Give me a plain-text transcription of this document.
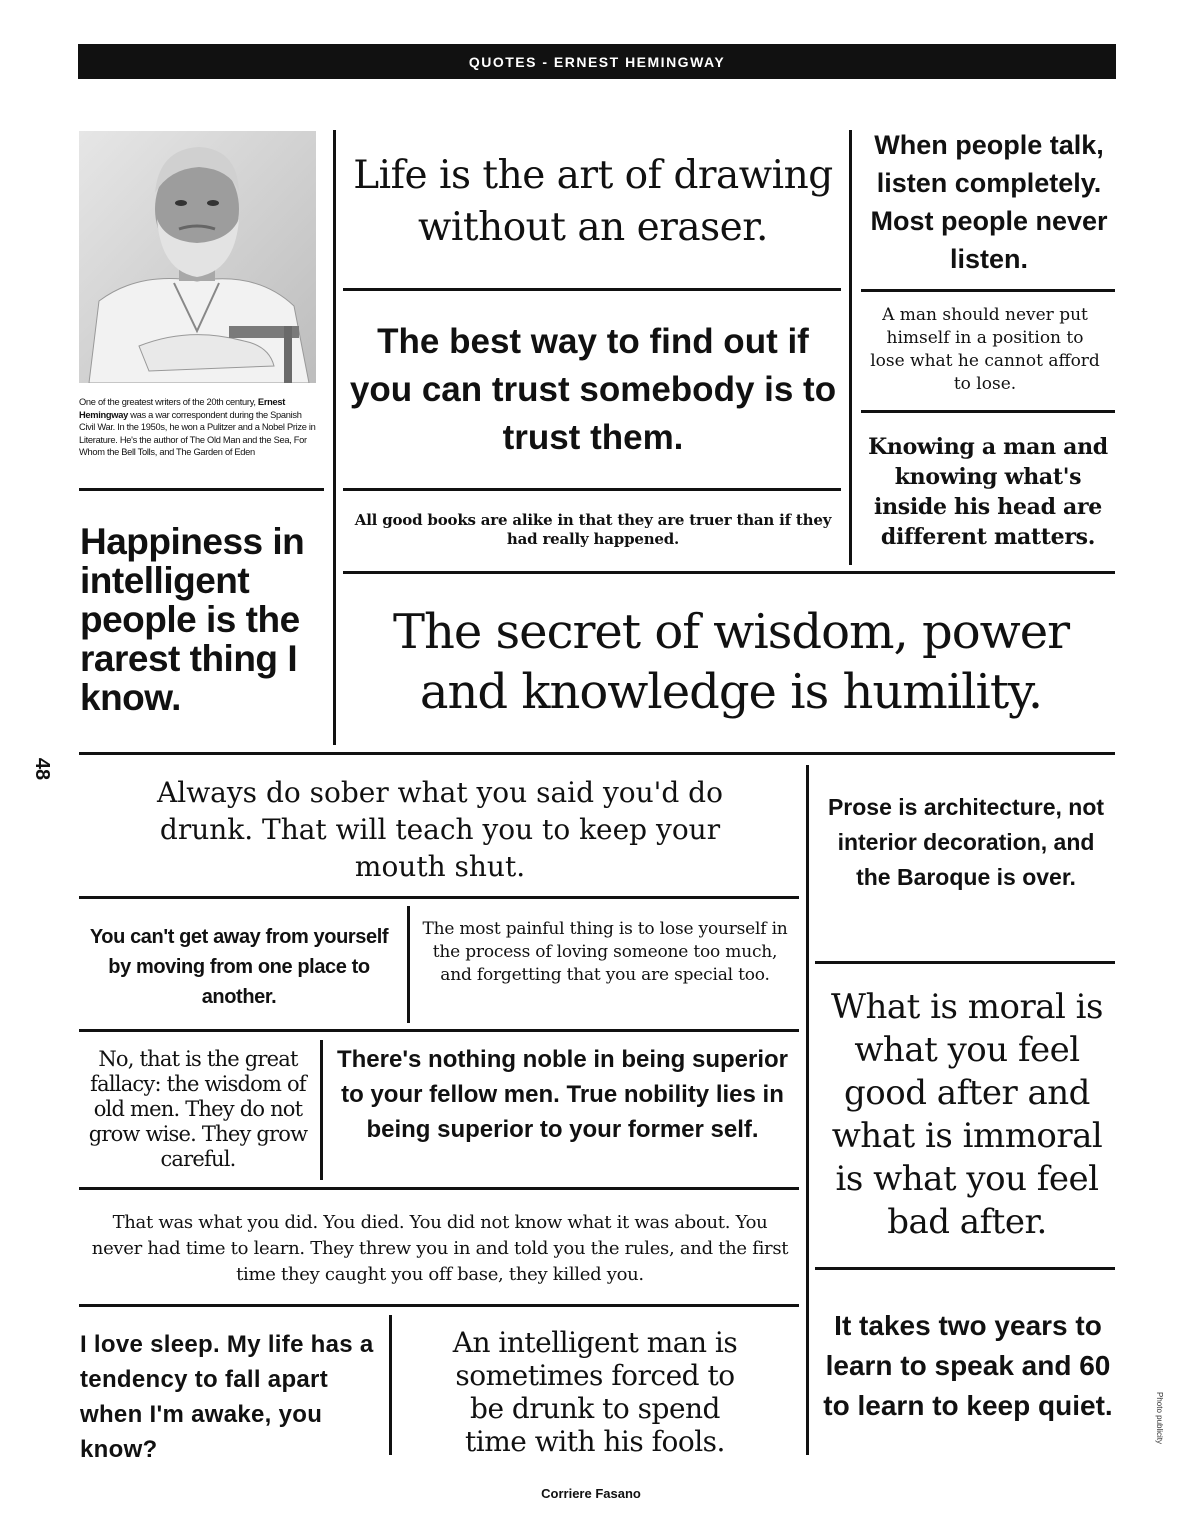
QUOTES - ERNEST HEMINGWAY
One of the greatest writers of the 20th century, Ernest Hemingway was a war correspondent during the Spanish Civil War. In the 1950s, he won a Pulitzer and a Nobel Prize in Literature. He's the author of The Old Man and the Sea, For Whom the Bell Tolls, and The Garden of Eden

Happiness in intelligent people is the rarest thing I know.

Life is the art of drawing without an eraser.

The best way to find out if you can trust somebody is to trust them.

All good books are alike in that they are truer than if they had really happened.

When people talk, listen completely. Most people never listen.

A man should never put himself in a position to lose what he cannot afford to lose.

Knowing a man and knowing what's inside his head are different matters.

The secret of wisdom, power and knowledge is humility.

48

Always do sober what you said you'd do drunk. That will teach you to keep your mouth shut.

You can't get away from yourself by moving from one place to another.

The most painful thing is to lose yourself in the process of loving someone too much, and forgetting that you are special too.

No, that is the great fallacy: the wisdom of old men. They do not grow wise. They grow careful.

There's nothing noble in being superior to your fellow men. True nobility lies in being superior to your former self.

That was what you did. You died. You did not know what it was about. You never had time to learn. They threw you in and told you the rules, and the first time they caught you off base, they killed you.

I love sleep. My life has a tendency to fall apart when I'm awake, you know?

An intelligent man is sometimes forced to be drunk to spend time with his fools.

Prose is architecture, not interior decoration, and the Baroque is over.

What is moral is what you feel good after and what is immoral is what you feel bad after.

It takes two years to learn to speak and 60 to learn to keep quiet.	Photo publicity
Corriere Fasano
